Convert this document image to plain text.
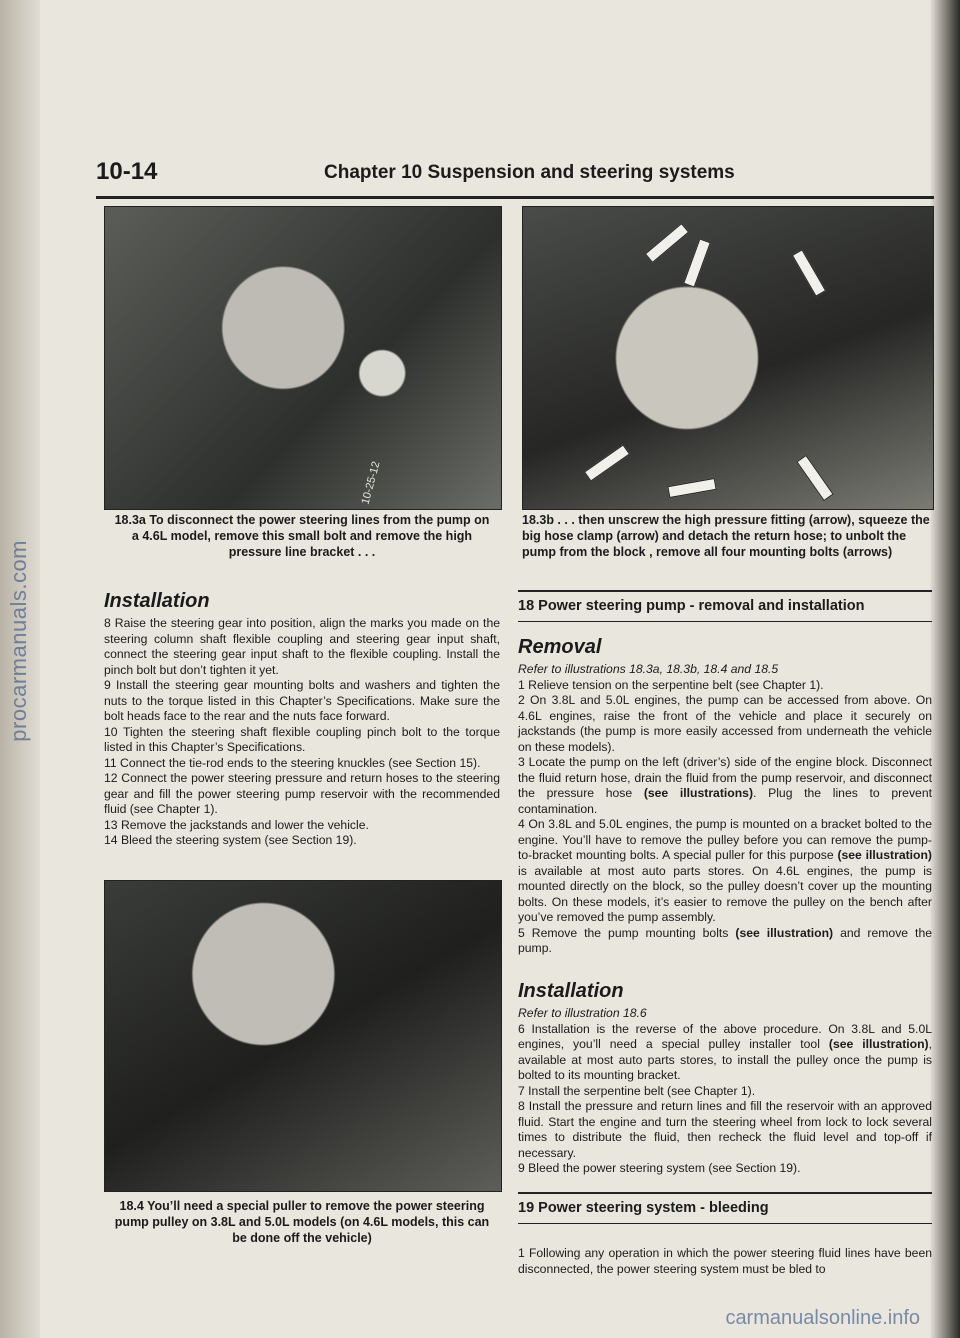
procarmanuals.com
10-14	Chapter 10 Suspension and steering systems
10-25-12
18.3a To disconnect the power steering lines from the pump on a 4.6L model, remove this small bolt and remove the high pressure line bracket . . .
18.3b . . . then unscrew the high pressure fitting (arrow), squeeze the big hose clamp (arrow) and detach the return hose; to unbolt the pump from the block , remove all four mounting bolts (arrows)
Installation

8 Raise the steering gear into position, align the marks you made on the steering column shaft flexible coupling and steering gear input shaft, connect the steering gear input shaft to the flexible coupling. Install the pinch bolt but don’t tighten it yet.

9 Install the steering gear mounting bolts and washers and tighten the nuts to the torque listed in this Chapter’s Specifications. Make sure the bolt heads face to the rear and the nuts face forward.

10 Tighten the steering shaft flexible coupling pinch bolt to the torque listed in this Chapter’s Specifications.

11 Connect the tie-rod ends to the steering knuckles (see Section 15).

12 Connect the power steering pressure and return hoses to the steering gear and fill the power steering pump reservoir with the recommended fluid (see Chapter 1).

13 Remove the jackstands and lower the vehicle.

14 Bleed the steering system (see Section 19).

18.4 You’ll need a special puller to remove the power steering pump pulley on 3.8L and 5.0L models (on 4.6L models, this can be done off the vehicle)
18 Power steering pump - removal and installation
Removal

Refer to illustrations 18.3a, 18.3b, 18.4 and 18.5

1 Relieve tension on the serpentine belt (see Chapter 1).

2 On 3.8L and 5.0L engines, the pump can be accessed from above. On 4.6L engines, raise the front of the vehicle and place it securely on jackstands (the pump is more easily accessed from underneath the vehicle on these models).

3 Locate the pump on the left (driver’s) side of the engine block. Disconnect the fluid return hose, drain the fluid from the pump reservoir, and disconnect the pressure hose (see illustrations). Plug the lines to prevent contamination.

4 On 3.8L and 5.0L engines, the pump is mounted on a bracket bolted to the engine. You’ll have to remove the pulley before you can remove the pump-to-bracket mounting bolts. A special puller for this purpose (see illustration) is available at most auto parts stores. On 4.6L engines, the pump is mounted directly on the block, so the pulley doesn’t cover up the mounting bolts. On these models, it’s easier to remove the pulley on the bench after you’ve removed the pump assembly.

5 Remove the pump mounting bolts (see illustration) and remove the pump.

Installation

Refer to illustration 18.6

6 Installation is the reverse of the above procedure. On 3.8L and 5.0L engines, you’ll need a special pulley installer tool (see illustration), available at most auto parts stores, to install the pulley once the pump is bolted to its mounting bracket.

7 Install the serpentine belt (see Chapter 1).

8 Install the pressure and return lines and fill the reservoir with an approved fluid. Start the engine and turn the steering wheel from lock to lock several times to distribute the fluid, then recheck the fluid level and top-off if necessary.

9 Bleed the power steering system (see Section 19).

19 Power steering system - bleeding

1 Following any operation in which the power steering fluid lines have been disconnected, the power steering system must be bled to

carmanualsonline.info
